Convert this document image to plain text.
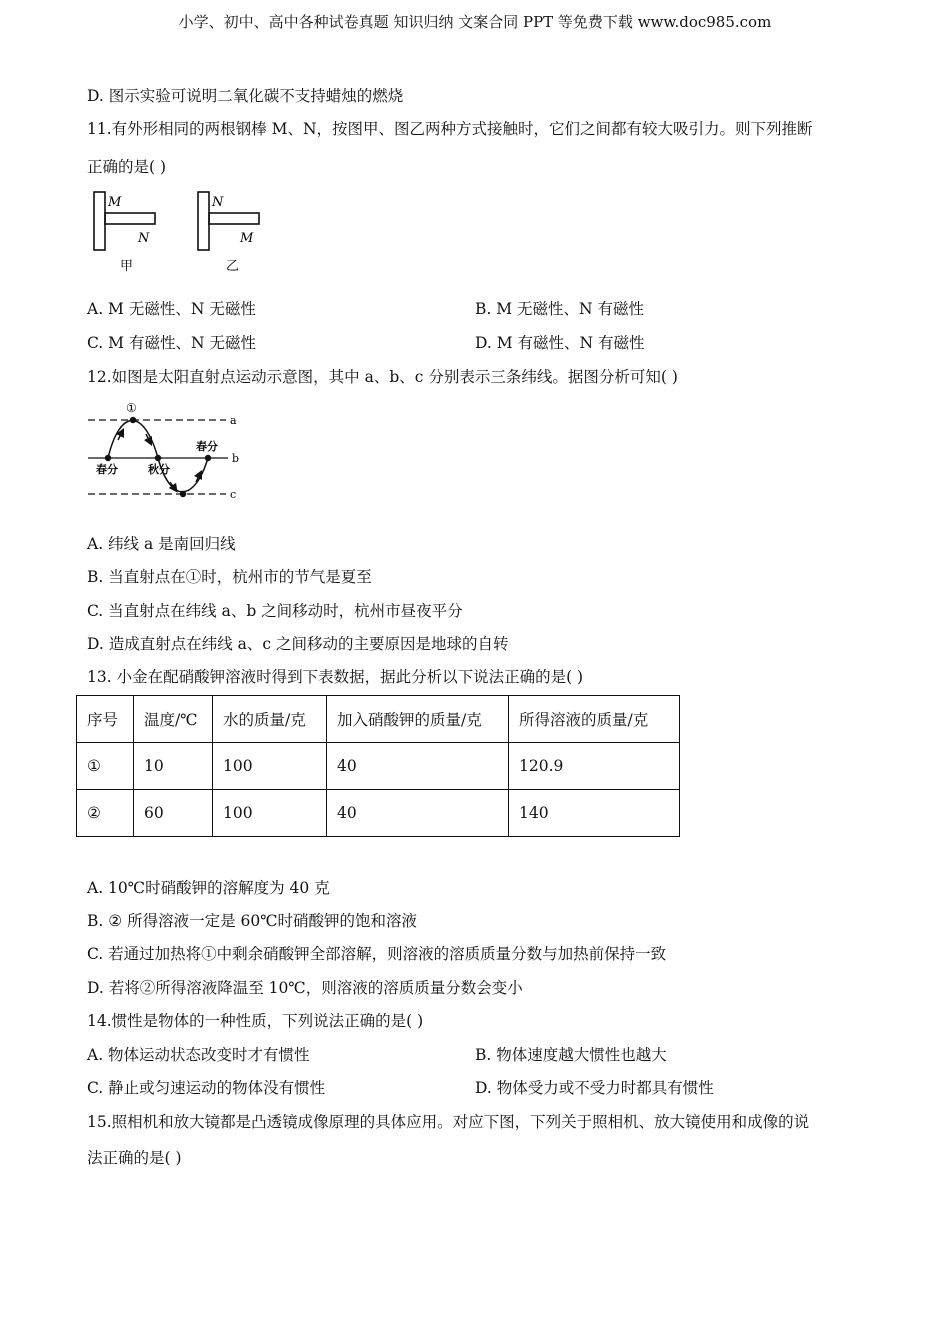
小学、初中、高中各种试卷真题 知识归纳 文案合同 PPT 等免费下载 www.doc985.com
D. 图示实验可说明二氧化碳不支持蜡烛的燃烧
11.有外形相同的两根钢棒 M、N，按图甲、图乙两种方式接触时，它们之间都有较大吸引力。则下列推断
正确的是( )
M
N
甲
N
M
乙
A. M 无磁性、N 无磁性	B. M 无磁性、N 有磁性
C. M 有磁性、N 无磁性	D. M 有磁性、N 有磁性
12.如图是太阳直射点运动示意图，其中 a、b、c 分别表示三条纬线。据图分析可知( )
a
b
c
①
春分	秋分
春分
A. 纬线 a 是南回归线
B. 当直射点在①时，杭州市的节气是夏至
C. 当直射点在纬线 a、b 之间移动时，杭州市昼夜平分
D. 造成直射点在纬线 a、c 之间移动的主要原因是地球的自转
13. 小金在配硝酸钾溶液时得到下表数据，据此分析以下说法正确的是( )
序号	温度/℃	水的质量/克	加入硝酸钾的质量/克	所得溶液的质量/克
①	10	100	40	120.9
②	60	100	40	140
A. 10℃时硝酸钾的溶解度为 40 克
B. ② 所得溶液一定是 60℃时硝酸钾的饱和溶液
C. 若通过加热将①中剩余硝酸钾全部溶解，则溶液的溶质质量分数与加热前保持一致
D. 若将②所得溶液降温至 10℃，则溶液的溶质质量分数会变小
14.惯性是物体的一种性质，下列说法正确的是( )
A. 物体运动状态改变时才有惯性	B. 物体速度越大惯性也越大
C. 静止或匀速运动的物体没有惯性	D. 物体受力或不受力时都具有惯性
15.照相机和放大镜都是凸透镜成像原理的具体应用。对应下图，下列关于照相机、放大镜使用和成像的说
法正确的是( )
